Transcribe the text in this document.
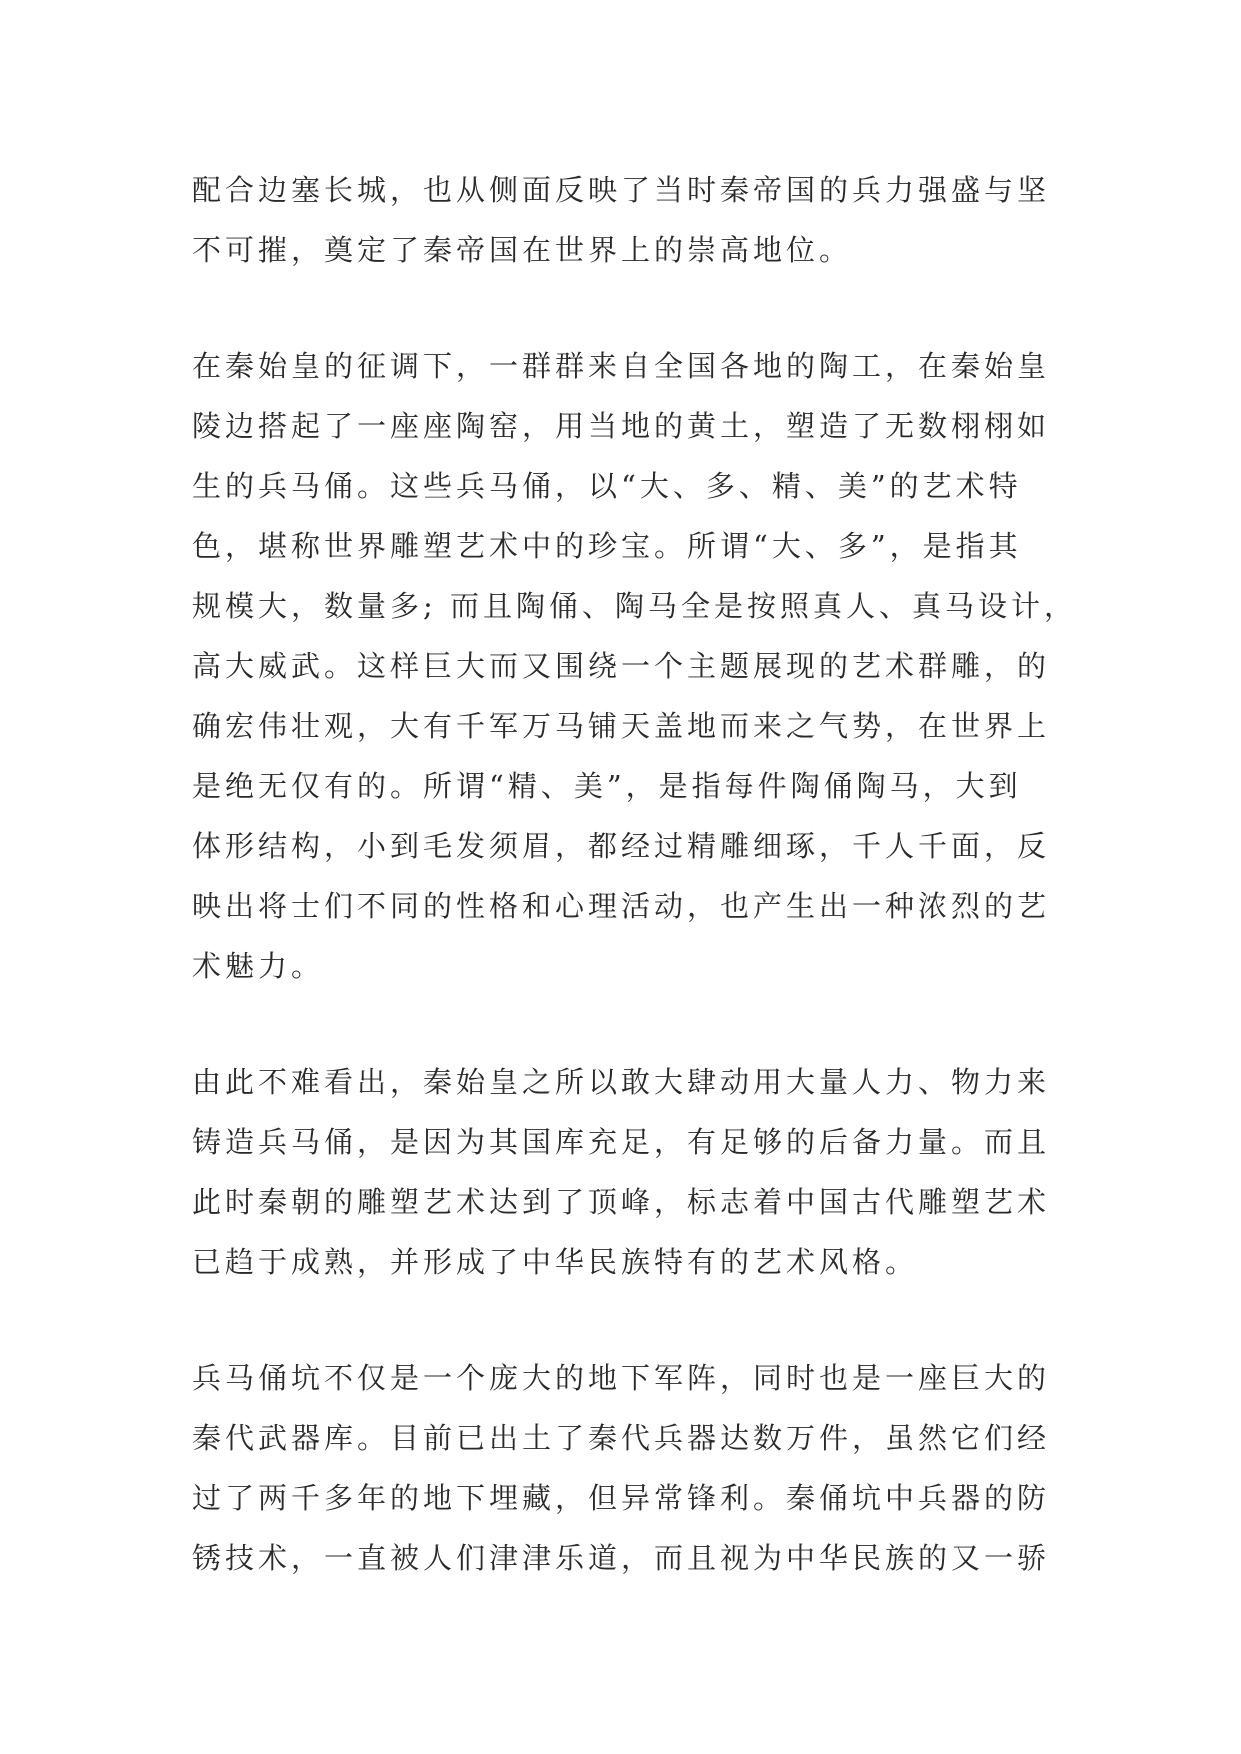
配合边塞长城，也从侧面反映了当时秦帝国的兵力强盛与坚
不可摧，奠定了秦帝国在世界上的崇高地位。

在秦始皇的征调下，一群群来自全国各地的陶工，在秦始皇
陵边搭起了一座座陶窑，用当地的黄土，塑造了无数栩栩如
生的兵马俑。这些兵马俑，以“大、多、精、美”的艺术特
色，堪称世界雕塑艺术中的珍宝。所谓“大、多”，是指其
规模大，数量多; 而且陶俑、陶马全是按照真人、真马设计，
高大威武。这样巨大而又围绕一个主题展现的艺术群雕，的
确宏伟壮观，大有千军万马铺天盖地而来之气势，在世界上
是绝无仅有的。所谓“精、美”，是指每件陶俑陶马，大到
体形结构，小到毛发须眉，都经过精雕细琢，千人千面，反
映出将士们不同的性格和心理活动，也产生出一种浓烈的艺
术魅力。

由此不难看出，秦始皇之所以敢大肆动用大量人力、物力来
铸造兵马俑，是因为其国库充足，有足够的后备力量。而且
此时秦朝的雕塑艺术达到了顶峰，标志着中国古代雕塑艺术
已趋于成熟，并形成了中华民族特有的艺术风格。

兵马俑坑不仅是一个庞大的地下军阵，同时也是一座巨大的
秦代武器库。目前已出土了秦代兵器达数万件，虽然它们经
过了两千多年的地下埋藏，但异常锋利。秦俑坑中兵器的防
锈技术，一直被人们津津乐道，而且视为中华民族的又一骄
